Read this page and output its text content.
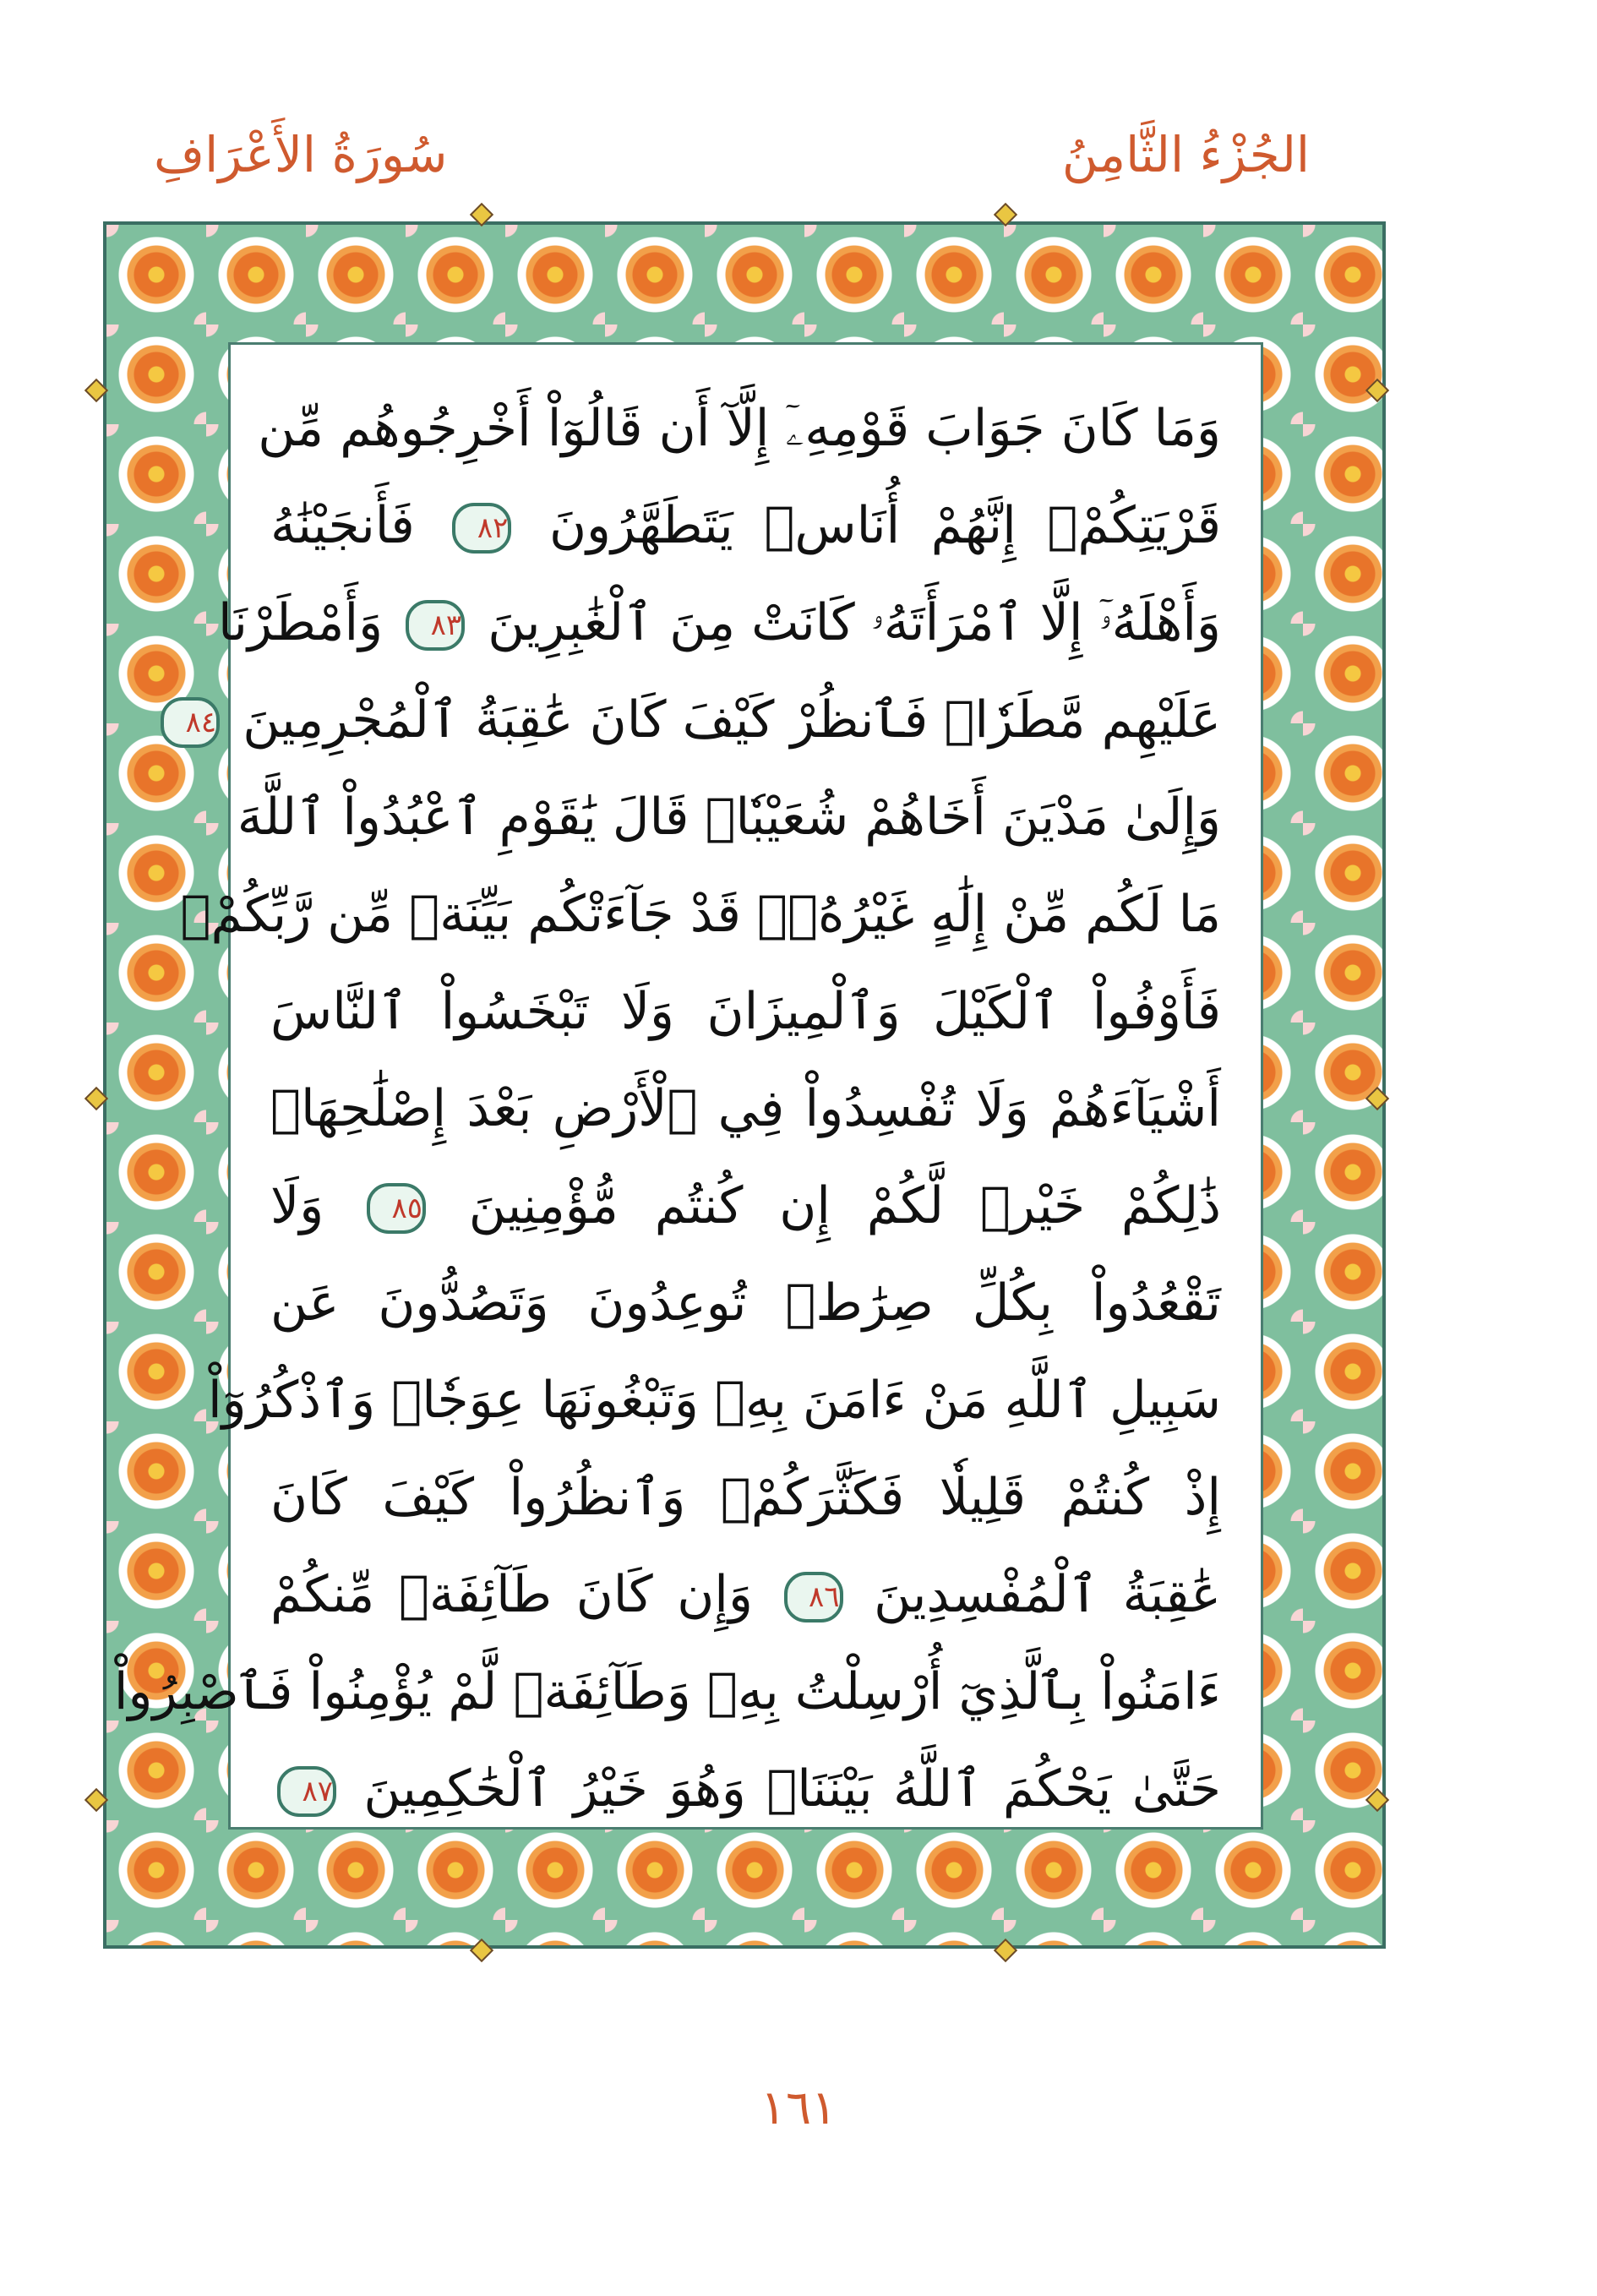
الجُزْءُ الثَّامِنُ
سُورَةُ الأَعْرَافِ
وَمَا كَانَ جَوَابَ قَوْمِهِۦٓ إِلَّآ أَن قَالُوٓاْ أَخْرِجُوهُم مِّن
قَرْيَتِكُمْۖ إِنَّهُمْ أُنَاسٞ يَتَطَهَّرُونَ ٨٢ فَأَنجَيْنَٰهُ
وَأَهْلَهُۥٓ إِلَّا ٱمْرَأَتَهُۥ كَانَتْ مِنَ ٱلْغَٰبِرِينَ ٨٣ وَأَمْطَرْنَا
عَلَيْهِم مَّطَرٗاۖ فَٱنظُرْ كَيْفَ كَانَ عَٰقِبَةُ ٱلْمُجْرِمِينَ ٨٤
وَإِلَىٰ مَدْيَنَ أَخَاهُمْ شُعَيْبٗاۚ قَالَ يَٰقَوْمِ ٱعْبُدُواْ ٱللَّهَ
مَا لَكُم مِّنْ إِلَٰهٍ غَيْرُهُۥۖ قَدْ جَآءَتْكُم بَيِّنَةٞ مِّن رَّبِّكُمْۖ
فَأَوْفُواْ ٱلْكَيْلَ وَٱلْمِيزَانَ وَلَا تَبْخَسُواْ ٱلنَّاسَ
أَشْيَآءَهُمْ وَلَا تُفْسِدُواْ فِي ٱلْأَرْضِ بَعْدَ إِصْلَٰحِهَاۚ
ذَٰلِكُمْ خَيْرٞ لَّكُمْ إِن كُنتُم مُّؤْمِنِينَ ٨٥ وَلَا
تَقْعُدُواْ بِكُلِّ صِرَٰطٖ تُوعِدُونَ وَتَصُدُّونَ عَن
سَبِيلِ ٱللَّهِ مَنْ ءَامَنَ بِهِۦ وَتَبْغُونَهَا عِوَجٗاۚ وَٱذْكُرُوٓاْ
إِذْ كُنتُمْ قَلِيلٗا فَكَثَّرَكُمْۖ وَٱنظُرُواْ كَيْفَ كَانَ
عَٰقِبَةُ ٱلْمُفْسِدِينَ ٨٦ وَإِن كَانَ طَآئِفَةٞ مِّنكُمْ
ءَامَنُواْ بِٱلَّذِيٓ أُرْسِلْتُ بِهِۦ وَطَآئِفَةٞ لَّمْ يُؤْمِنُواْ فَٱصْبِرُواْ
حَتَّىٰ يَحْكُمَ ٱللَّهُ بَيْنَنَاۚ وَهُوَ خَيْرُ ٱلْحَٰكِمِينَ ٨٧
١٦١
